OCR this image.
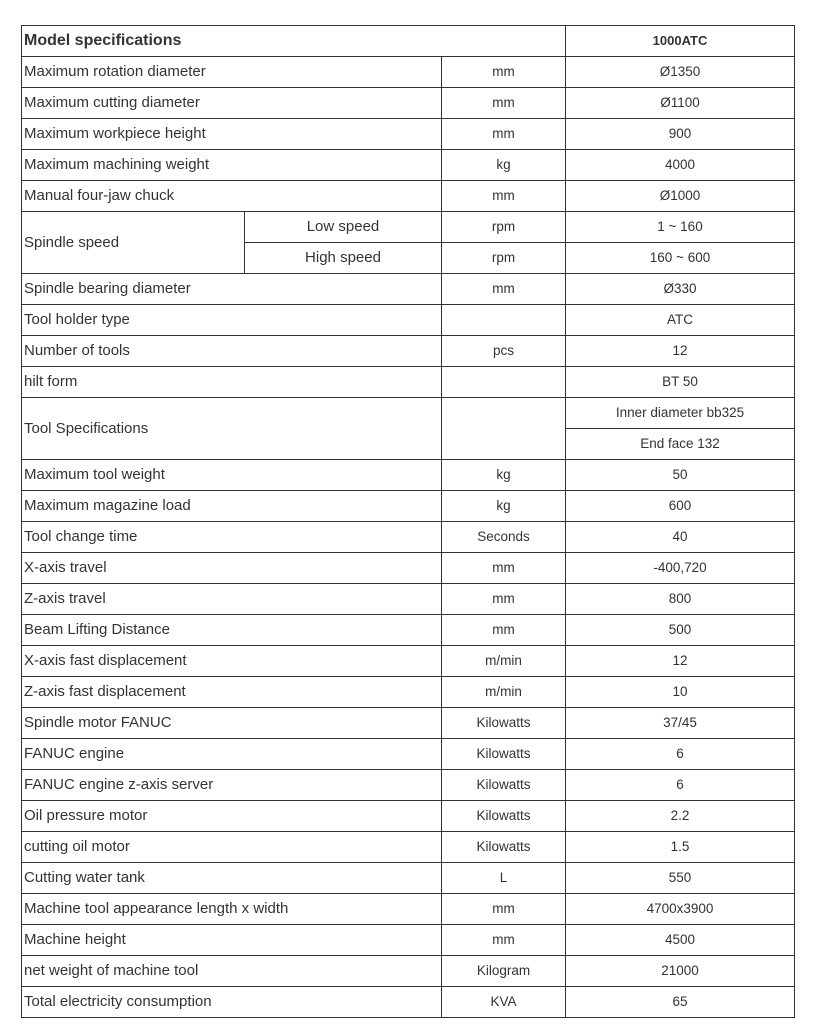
Model specifications			1000ATC
Maximum rotation diameter		mm	Ø1350
Maximum cutting diameter		mm	Ø1100
Maximum workpiece height		mm	900
Maximum machining weight		kg	4000
Manual four-jaw chuck		mm	Ø1000
Spindle speed	Low speed	rpm	1 ~ 160
	High speed	rpm	160 ~ 600
Spindle bearing diameter		mm	Ø330
Tool holder type			ATC
Number of tools		pcs	12
hilt form			BT 50
Tool Specifications			Inner diameter bb325
			End face 132
Maximum tool weight		kg	50
Maximum magazine load		kg	600
Tool change time		Seconds	40
X-axis travel		mm	-400,720
Z-axis travel		mm	800
Beam Lifting Distance		mm	500
X-axis fast displacement		m/min	12
Z-axis fast displacement		m/min	10
Spindle motor FANUC		Kilowatts	37/45
FANUC engine		Kilowatts	6
FANUC engine z-axis server		Kilowatts	6
Oil pressure motor		Kilowatts	2.2
cutting oil motor		Kilowatts	1.5
Cutting water tank		L	550
Machine tool appearance length x width		mm	4700x3900
Machine height		mm	4500
net weight of machine tool		Kilogram	21000
Total electricity consumption		KVA	65
